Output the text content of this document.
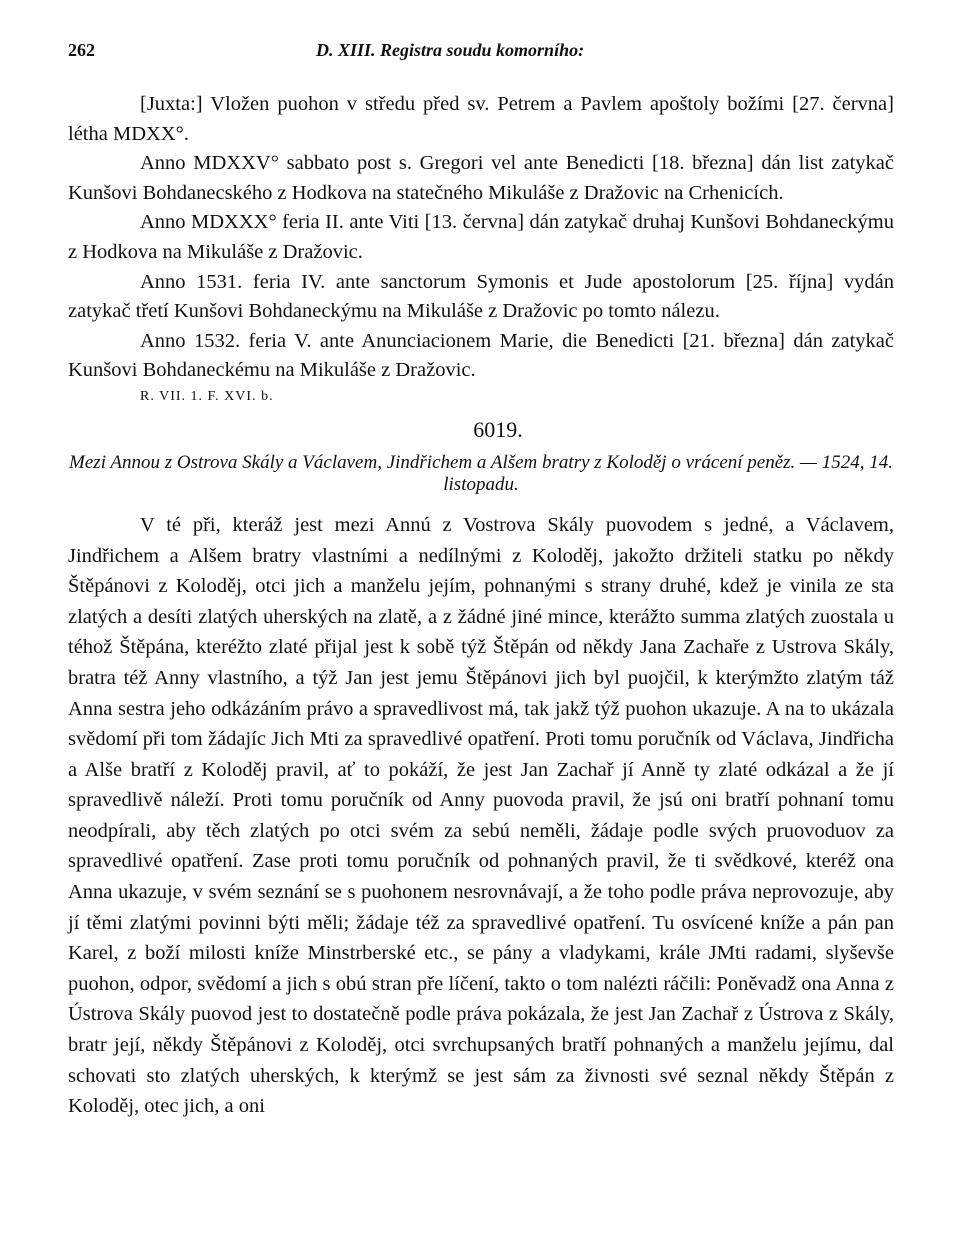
262	D. XIII. Registra soudu komorního:

[Juxta:] Vložen puohon v středu před sv. Petrem a Pavlem apoštoly božími [27. června] létha MDXX°.

Anno MDXXV° sabbato post s. Gregori vel ante Benedicti [18. března] dán list zatykač Kunšovi Bohdanecského z Hodkova na statečného Mikuláše z Dražovic na Crhenicích.

Anno MDXXX° feria II. ante Viti [13. června] dán zatykač druhaj Kunšovi Bohdaneckýmu z Hodkova na Mikuláše z Dražovic.

Anno 1531. feria IV. ante sanctorum Symonis et Jude apostolorum [25. října] vydán zatykač třetí Kunšovi Bohdaneckýmu na Mikuláše z Dražovic po tomto nálezu.

Anno 1532. feria V. ante Anunciacionem Marie, die Benedicti [21. března] dán zatykač Kunšovi Bohdaneckému na Mikuláše z Dražovic.

R. VII. 1. F. XVI. b.

6019.

Mezi Annou z Ostrova Skály a Václavem, Jindřichem a Alšem bratry z Koloděj o vrácení peněz. — 1524, 14. listopadu.

V té při, kteráž jest mezi Annú z Vostrova Skály puovodem s jedné, a Václavem, Jindřichem a Alšem bratry vlastními a nedílnými z Koloděj, jakožto držiteli statku po někdy Štěpánovi z Koloděj, otci jich a manželu jejím, pohnanými s strany druhé, kdež je vinila ze sta zlatých a desíti zlatých uherských na zlatě, a z žádné jiné mince, kterážto summa zlatých zuostala u téhož Štěpána, kteréžto zlaté přijal jest k sobě týž Štěpán od někdy Jana Zachaře z Ustrova Skály, bratra též Anny vlastního, a týž Jan jest jemu Štěpánovi jich byl puojčil, k kterýmžto zlatým táž Anna sestra jeho odkázáním právo a spravedlivost má, tak jakž týž puohon ukazuje. A na to ukázala svědomí při tom žádajíc Jich Mti za spravedlivé opatření. Proti tomu poručník od Václava, Jindřicha a Alše bratří z Koloděj pravil, ať to pokáží, že jest Jan Zachař jí Anně ty zlaté odkázal a že jí spravedlivě náleží. Proti tomu poručník od Anny puovoda pravil, že jsú oni bratří pohnaní tomu neodpírali, aby těch zlatých po otci svém za sebú neměli, žádaje podle svých pruovoduov za spravedlivé opatření. Zase proti tomu poručník od pohnaných pravil, že ti svědkové, kteréž ona Anna ukazuje, v svém seznání se s puohonem nesrovnávají, a že toho podle práva neprovozuje, aby jí těmi zlatými povinni býti měli; žádaje též za spravedlivé opatření. Tu osvícené kníže a pán pan Karel, z boží milosti kníže Minstrberské etc., se pány a vladykami, krále JMti radami, slyševše puohon, odpor, svědomí a jich s obú stran pře líčení, takto o tom nalézti ráčili: Poněvadž ona Anna z Ústrova Skály puovod jest to dostatečně podle práva pokázala, že jest Jan Zachař z Ústrova z Skály, bratr její, někdy Štěpánovi z Koloděj, otci svrchupsaných bratří pohnaných a manželu jejímu, dal schovati sto zlatých uherských, k kterýmž se jest sám za živnosti své seznal někdy Štěpán z Koloděj, otec jich, a oni
